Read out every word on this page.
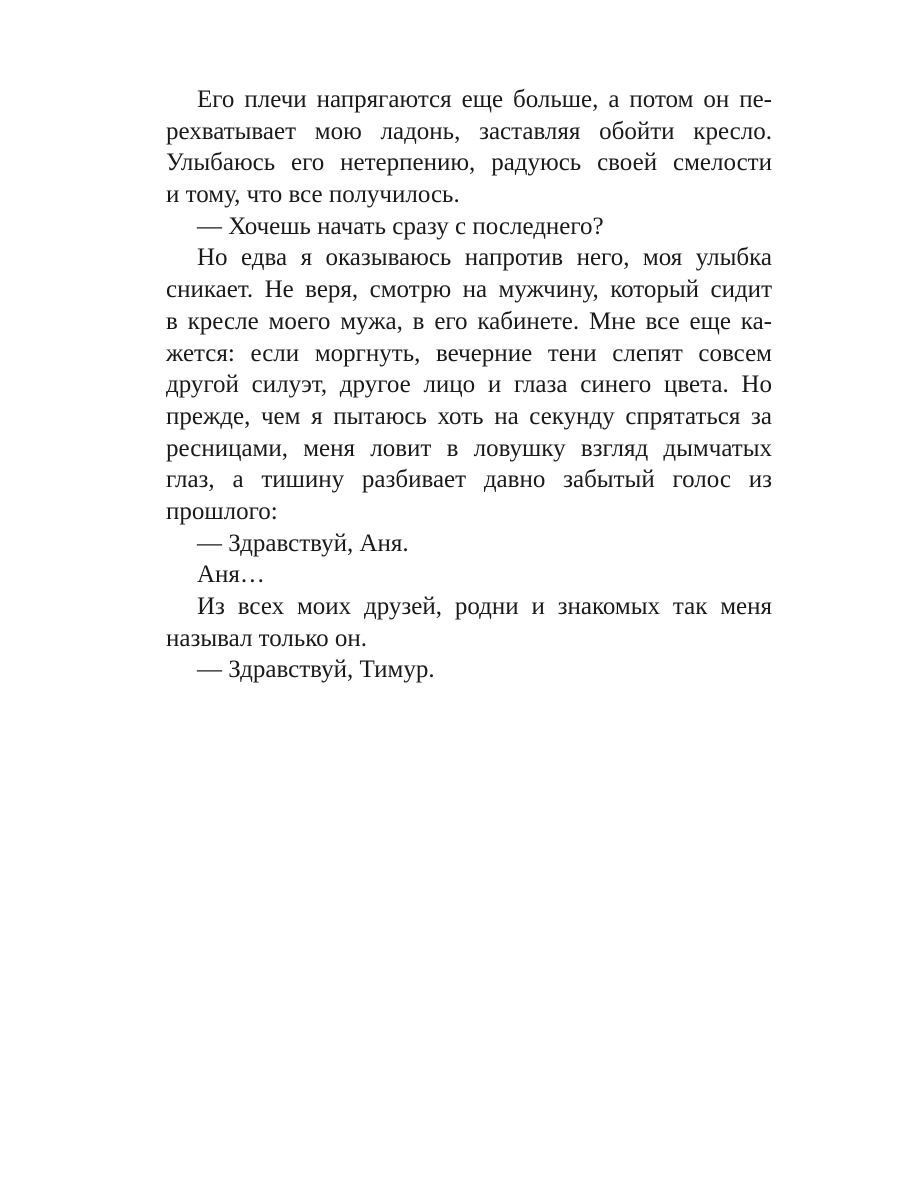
Его плечи напрягаются еще больше, а потом он пе-
рехватывает мою ладонь, заставляя обойти кресло.
Улыбаюсь его нетерпению, радуюсь своей смелости
и тому, что все получилось.
— Хочешь начать сразу с последнего?
Но едва я оказываюсь напротив него, моя улыбка
сникает. Не веря, смотрю на мужчину, который сидит
в кресле моего мужа, в его кабинете. Мне все еще ка-
жется: если моргнуть, вечерние тени слепят совсем
другой силуэт, другое лицо и глаза синего цвета. Но
прежде, чем я пытаюсь хоть на секунду спрятаться за
ресницами, меня ловит в ловушку взгляд дымчатых
глаз, а тишину разбивает давно забытый голос из
прошлого:
— Здравствуй, Аня.
Аня…
Из всех моих друзей, родни и знакомых так меня
называл только он.
— Здравствуй, Тимур.
